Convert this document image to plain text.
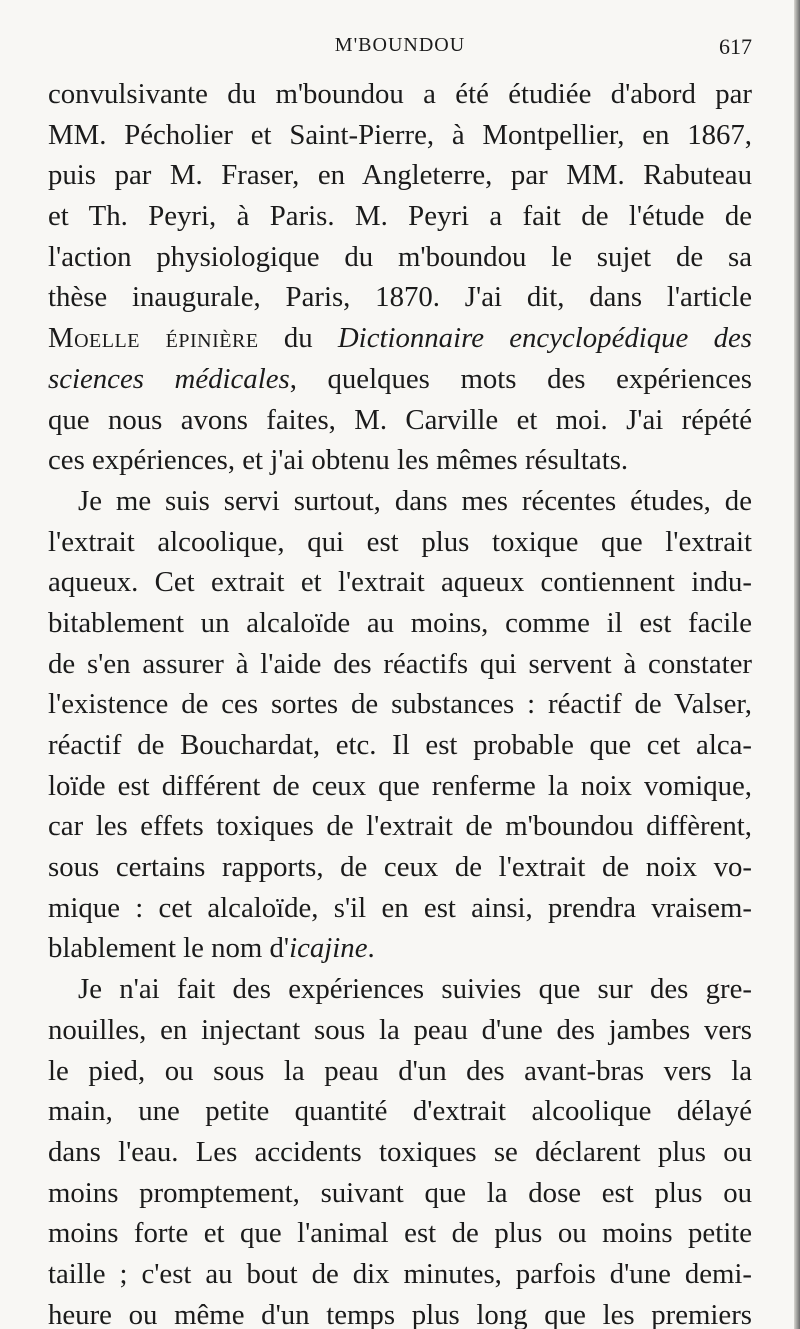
M'BOUNDOU	617
convulsivante du m'boundou a été étudiée d'abord par
MM. Pécholier et Saint-Pierre, à Montpellier, en 1867,
puis par M. Fraser, en Angleterre, par MM. Rabuteau
et Th. Peyri, à Paris. M. Peyri a fait de l'étude de
l'action physiologique du m'boundou le sujet de sa
thèse inaugurale, Paris, 1870. J'ai dit, dans l'article
Moelle épinière du Dictionnaire encyclopédique des
sciences médicales, quelques mots des expériences
que nous avons faites, M. Carville et moi. J'ai répété
ces expériences, et j'ai obtenu les mêmes résultats.
Je me suis servi surtout, dans mes récentes études, de
l'extrait alcoolique, qui est plus toxique que l'extrait
aqueux. Cet extrait et l'extrait aqueux contiennent indu-
bitablement un alcaloïde au moins, comme il est facile
de s'en assurer à l'aide des réactifs qui servent à constater
l'existence de ces sortes de substances : réactif de Valser,
réactif de Bouchardat, etc. Il est probable que cet alca-
loïde est différent de ceux que renferme la noix vomique,
car les effets toxiques de l'extrait de m'boundou diffèrent,
sous certains rapports, de ceux de l'extrait de noix vo-
mique : cet alcaloïde, s'il en est ainsi, prendra vraisem-
blablement le nom d'icajine.
Je n'ai fait des expériences suivies que sur des gre-
nouilles, en injectant sous la peau d'une des jambes vers
le pied, ou sous la peau d'un des avant-bras vers la
main, une petite quantité d'extrait alcoolique délayé
dans l'eau. Les accidents toxiques se déclarent plus ou
moins promptement, suivant que la dose est plus ou
moins forte et que l'animal est de plus ou moins petite
taille ; c'est au bout de dix minutes, parfois d'une demi-
heure ou même d'un temps plus long que les premiers
